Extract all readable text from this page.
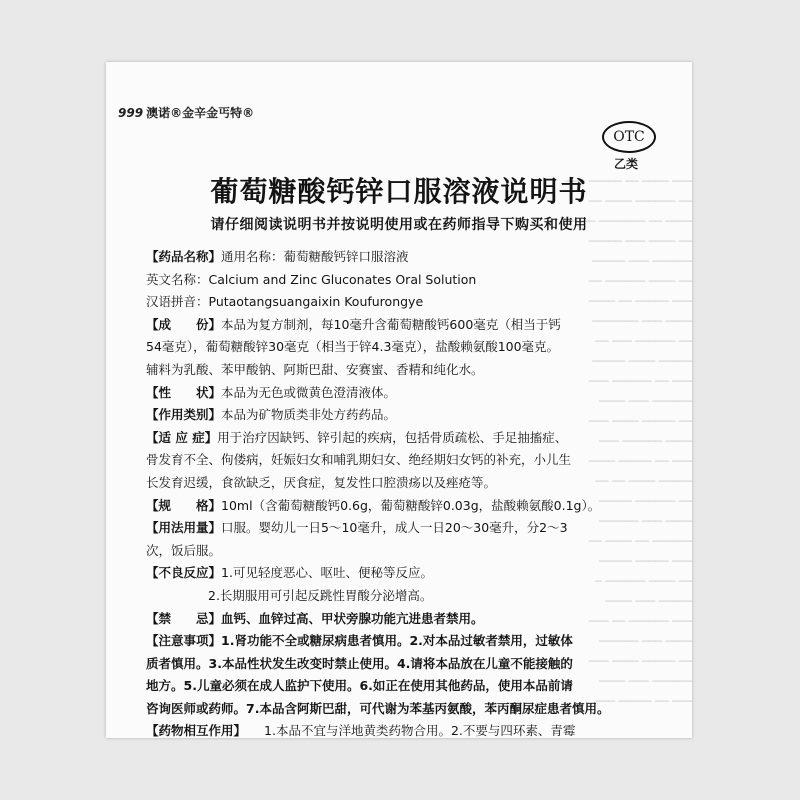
━━━ ━━━━ ━━ ━━━━━ ━━━
━━ ━━━━━━ ━━━━ ━━
━━━━ ━━ ━━━━━━━ ━━━━
━━ ━━━━ ━━━ ━━━━━
━━━━━━ ━━━ ━━━━━
━━ ━━━━ ━━━━━━ ━━
━━━ ━━━━━ ━━ ━━━━
━━━━ ━━━ ━━━━━━━
━━ ━━━━━━ ━━━ ━━
━━━━━ ━━━━ ━━━━━
━━━ ━━ ━━━━━━ ━━━
━━━━━━ ━━━ ━━━━
━━ ━━━━━ ━━━━ ━━━
━━━━ ━━━━━━ ━━━
━━━ ━━ ━━━━━ ━━━━
━━━━━ ━━━━ ━━ ━━
━━ ━━━━━━ ━━━━━
━━━━ ━━━ ━━━━━━
━━━━━━ ━━ ━━━━ ━━
━━━ ━━━━━ ━━━━━
━━ ━━━━ ━━━━━━ ━
━━━━━ ━━━ ━━━━
━━━ ━━━━━━ ━━ ━━━
━━━━ ━━━ ━━━━━━
━━ ━━━━━ ━━━━ ━━━
━━━━━━ ━━━ ━━━━
━━━ ━━ ━━━━━ ━━━
999 澳诺®金辛金丐特®
OTC
乙类
葡萄糖酸钙锌口服溶液说明书
请仔细阅读说明书并按说明使用或在药师指导下购买和使用
【药品名称】通用名称：葡萄糖酸钙锌口服溶液
英文名称：Calcium and Zinc Gluconates Oral Solution
汉语拼音：Putaotangsuangaixin Koufurongye
【成　　份】本品为复方制剂，每10毫升含葡萄糖酸钙600毫克（相当于钙
54毫克），葡萄糖酸锌30毫克（相当于锌4.3毫克），盐酸赖氨酸100毫克。
辅料为乳酸、苯甲酸钠、阿斯巴甜、安赛蜜、香精和纯化水。
【性　　状】本品为无色或微黄色澄清液体。
【作用类别】本品为矿物质类非处方药药品。
【适 应 症】用于治疗因缺钙、锌引起的疾病，包括骨质疏松、手足抽搐症、
骨发育不全、佝偻病，妊娠妇女和哺乳期妇女、绝经期妇女钙的补充，小儿生
长发育迟缓，食欲缺乏，厌食症，复发性口腔溃疡以及痤疮等。
【规　　格】10ml（含葡萄糖酸钙0.6g，葡萄糖酸锌0.03g，盐酸赖氨酸0.1g）。
【用法用量】口服。婴幼儿一日5～10毫升，成人一日20～30毫升，分2～3
次，饭后服。
【不良反应】1.可见轻度恶心、呕吐、便秘等反应。
2.长期服用可引起反跳性胃酸分泌增高。
【禁　　忌】血钙、血锌过高、甲状旁腺功能亢进患者禁用。
【注意事项】1.肾功能不全或糖尿病患者慎用。2.对本品过敏者禁用，过敏体
质者慎用。3.本品性状发生改变时禁止使用。4.请将本品放在儿童不能接触的
地方。5.儿童必须在成人监护下使用。6.如正在使用其他药品，使用本品前请
咨询医师或药师。7.本品含阿斯巴甜，可代谢为苯基丙氨酸，苯丙酮尿症患者慎用。
【药物相互作用】 1.本品不宜与洋地黄类药物合用。2.不要与四环素、青霉
